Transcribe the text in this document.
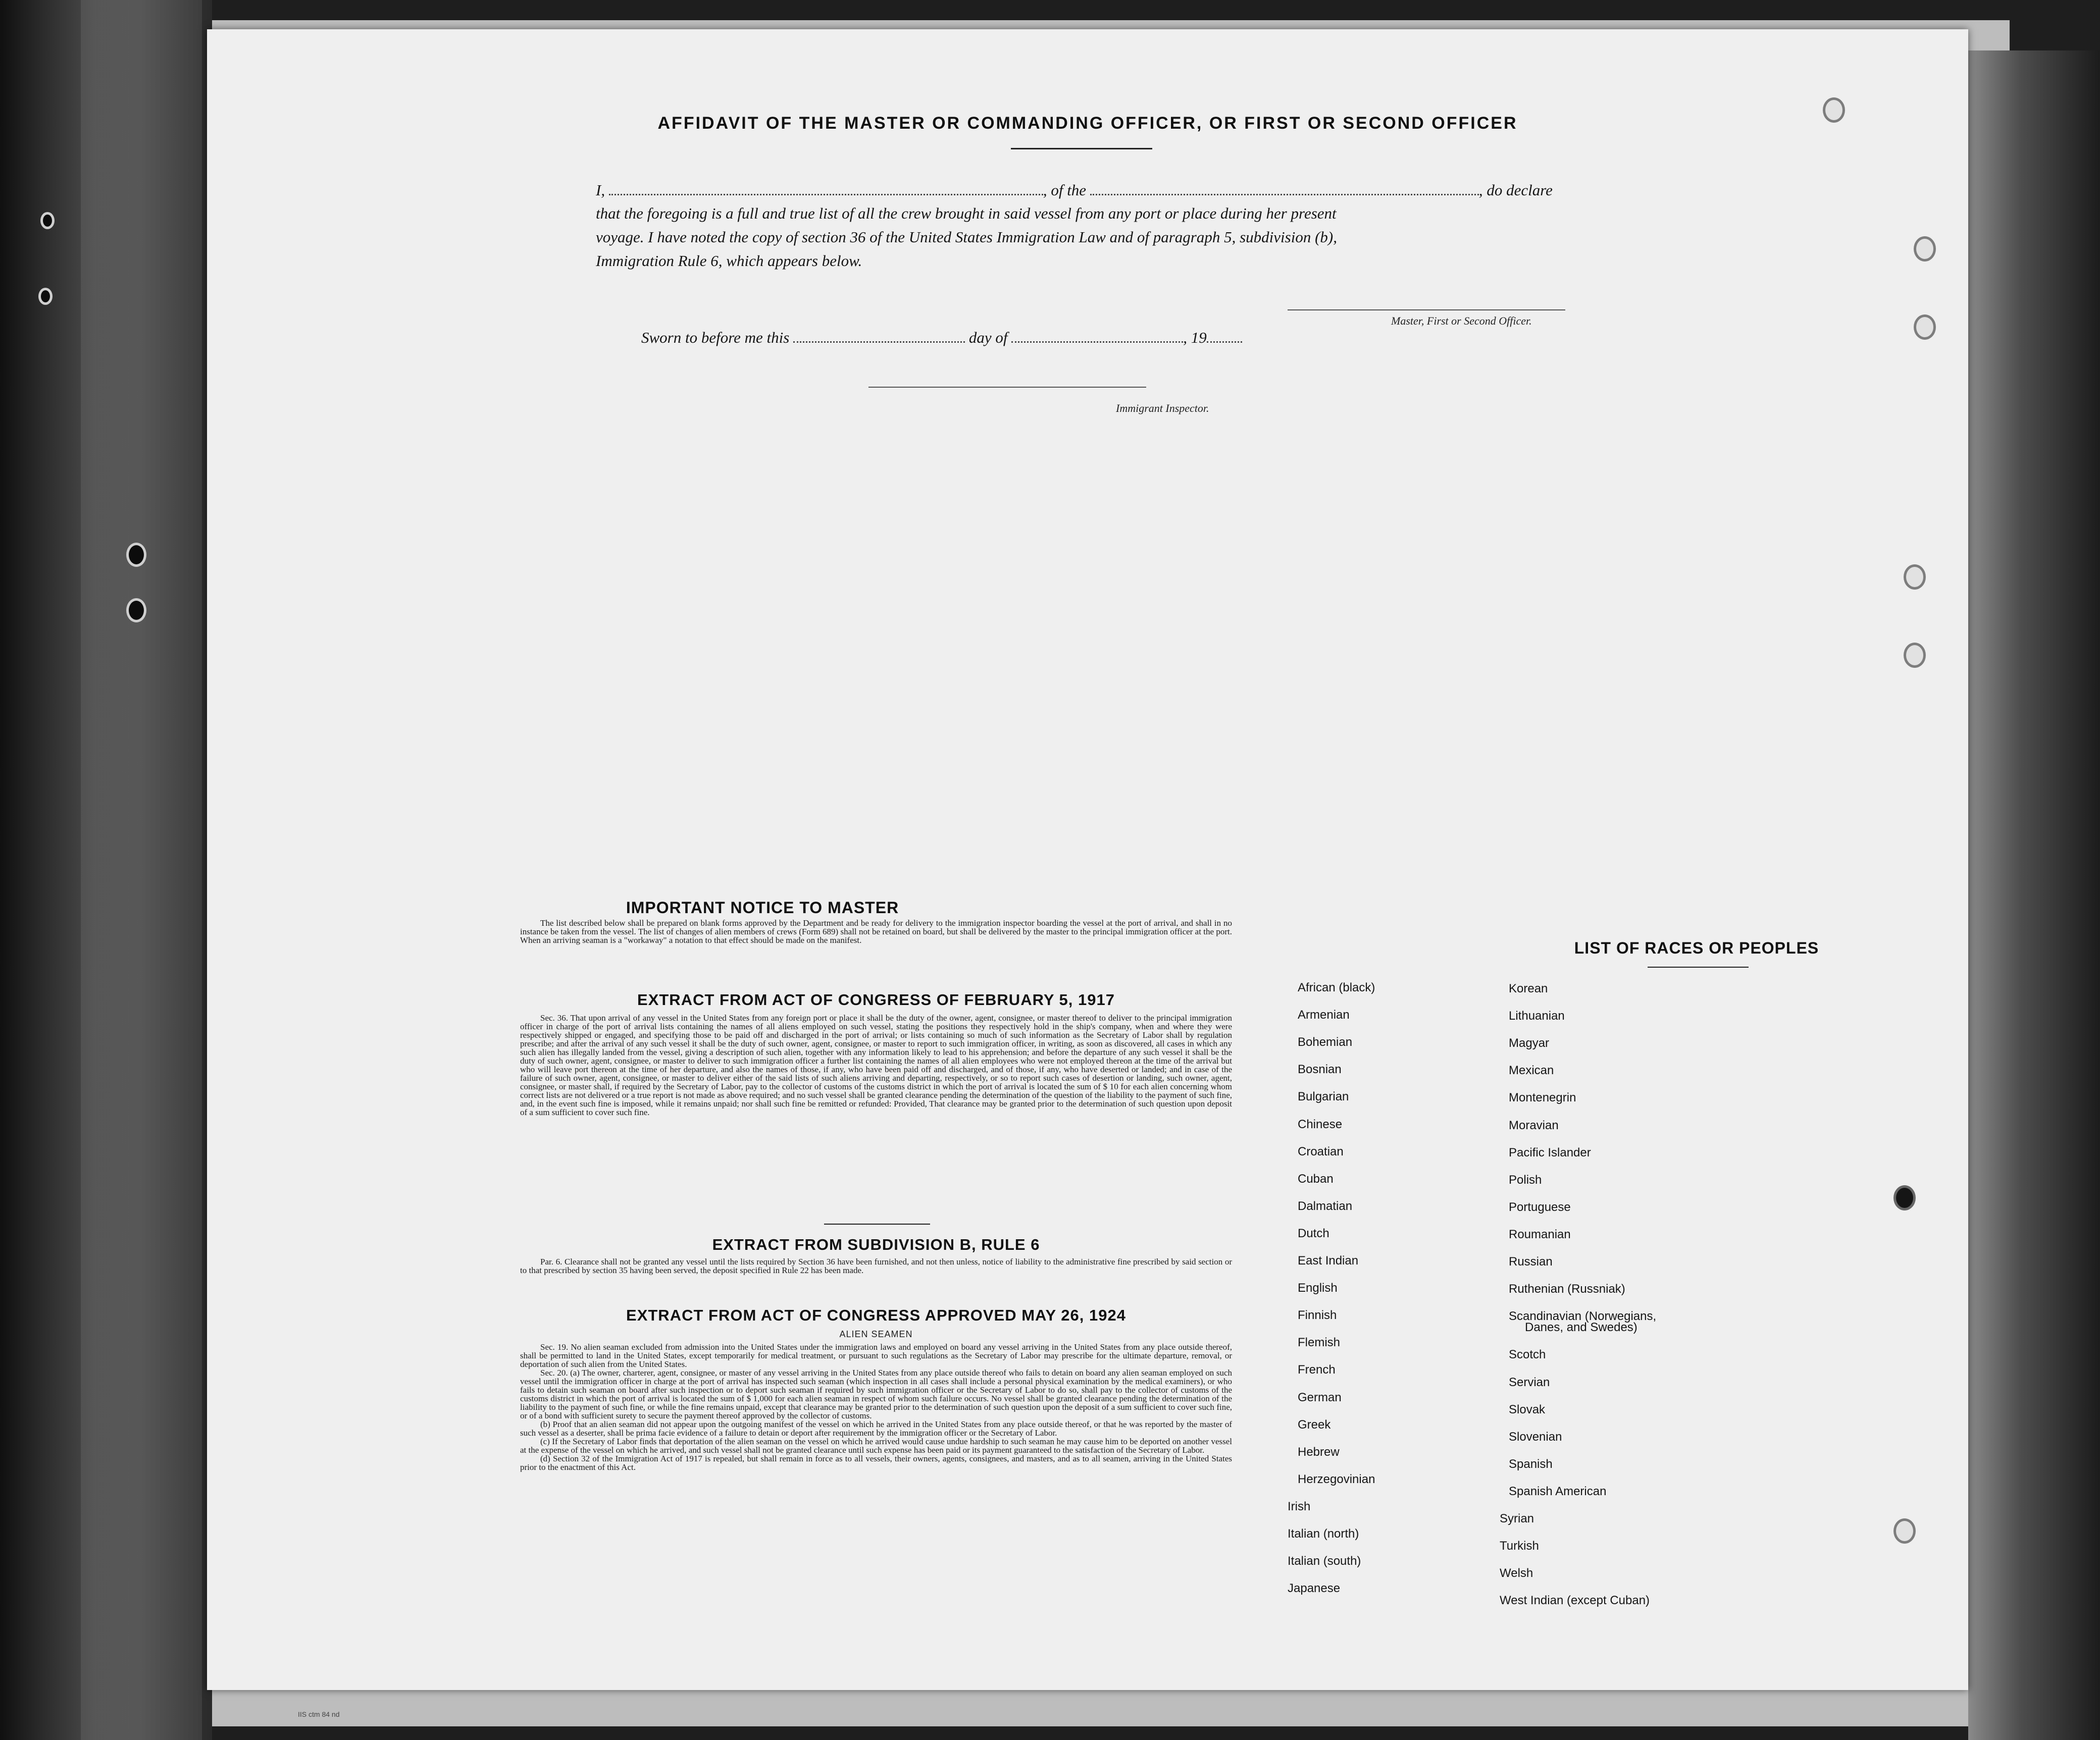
AFFIDAVIT OF THE MASTER OR COMMANDING OFFICER, OR FIRST OR SECOND OFFICER
I,	, of the	, do declare
that the foregoing is a full and true list of all the crew brought in said vessel from any port or place during her present
voyage. I have noted the copy of section 36 of the United States Immigration Law and of paragraph 5, subdivision (b),
Immigration Rule 6, which appears below.
Master, First or Second Officer.
Sworn to before me this	day of	, 19
Immigrant Inspector.
IMPORTANT NOTICE TO MASTER

The list described below shall be prepared on blank forms approved by the Department and be ready for delivery to the immigration inspector boarding the vessel at the port of arrival, and shall in no instance be taken from the vessel. The list of changes of alien members of crews (Form 689) shall not be retained on board, but shall be delivered by the master to the principal immigration officer at the port. When an arriving seaman is a "workaway" a notation to that effect should be made on the manifest.

EXTRACT FROM ACT OF CONGRESS OF FEBRUARY 5, 1917

Sec. 36. That upon arrival of any vessel in the United States from any foreign port or place it shall be the duty of the owner, agent, consignee, or master thereof to deliver to the principal immigration officer in charge of the port of arrival lists containing the names of all aliens employed on such vessel, stating the positions they respectively hold in the ship's company, when and where they were respectively shipped or engaged, and specifying those to be paid off and discharged in the port of arrival; or lists containing so much of such information as the Secretary of Labor shall by regulation prescribe; and after the arrival of any such vessel it shall be the duty of such owner, agent, consignee, or master to report to such immigration officer, in writing, as soon as discovered, all cases in which any such alien has illegally landed from the vessel, giving a description of such alien, together with any information likely to lead to his apprehension; and before the departure of any such vessel it shall be the duty of such owner, agent, consignee, or master to deliver to such immigration officer a further list containing the names of all alien employees who were not employed thereon at the time of the arrival but who will leave port thereon at the time of her departure, and also the names of those, if any, who have been paid off and discharged, and of those, if any, who have deserted or landed; and in case of the failure of such owner, agent, consignee, or master to deliver either of the said lists of such aliens arriving and departing, respectively, or so to report such cases of desertion or landing, such owner, agent, consignee, or master shall, if required by the Secretary of Labor, pay to the collector of customs of the customs district in which the port of arrival is located the sum of $ 10 for each alien concerning whom correct lists are not delivered or a true report is not made as above required; and no such vessel shall be granted clearance pending the determination of the question of the liability to the payment of such fine, and, in the event such fine is imposed, while it remains unpaid; nor shall such fine be remitted or refunded: Provided, That clearance may be granted prior to the determination of such question upon deposit of a sum sufficient to cover such fine.

EXTRACT FROM SUBDIVISION B, RULE 6

Par. 6. Clearance shall not be granted any vessel until the lists required by Section 36 have been furnished, and not then unless, notice of liability to the administrative fine prescribed by said section or to that prescribed by section 35 having been served, the deposit specified in Rule 22 has been made.

EXTRACT FROM ACT OF CONGRESS APPROVED MAY 26, 1924
ALIEN SEAMEN

Sec. 19. No alien seaman excluded from admission into the United States under the immigration laws and employed on board any vessel arriving in the United States from any place outside thereof, shall be permitted to land in the United States, except temporarily for medical treatment, or pursuant to such regulations as the Secretary of Labor may prescribe for the ultimate departure, removal, or deportation of such alien from the United States.

Sec. 20. (a) The owner, charterer, agent, consignee, or master of any vessel arriving in the United States from any place outside thereof who fails to detain on board any alien seaman employed on such vessel until the immigration officer in charge at the port of arrival has inspected such seaman (which inspection in all cases shall include a personal physical examination by the medical examiners), or who fails to detain such seaman on board after such inspection or to deport such seaman if required by such immigration officer or the Secretary of Labor to do so, shall pay to the collector of customs of the customs district in which the port of arrival is located the sum of $ 1,000 for each alien seaman in respect of whom such failure occurs. No vessel shall be granted clearance pending the determination of the liability to the payment of such fine, or while the fine remains unpaid, except that clearance may be granted prior to the determination of such question upon the deposit of a sum sufficient to cover such fine, or of a bond with sufficient surety to secure the payment thereof approved by the collector of customs.

(b) Proof that an alien seaman did not appear upon the outgoing manifest of the vessel on which he arrived in the United States from any place outside thereof, or that he was reported by the master of such vessel as a deserter, shall be prima facie evidence of a failure to detain or deport after requirement by the immigration officer or the Secretary of Labor.

(c) If the Secretary of Labor finds that deportation of the alien seaman on the vessel on which he arrived would cause undue hardship to such seaman he may cause him to be deported on another vessel at the expense of the vessel on which he arrived, and such vessel shall not be granted clearance until such expense has been paid or its payment guaranteed to the satisfaction of the Secretary of Labor.

(d) Section 32 of the Immigration Act of 1917 is repealed, but shall remain in force as to all vessels, their owners, agents, consignees, and masters, and as to all seamen, arriving in the United States prior to the enactment of this Act.

LIST OF RACES OR PEOPLES
IIS ctm 84 nd
African (black)
Armenian
Bohemian
Bosnian
Bulgarian
Chinese
Croatian
Cuban
Dalmatian
Dutch
East Indian
English
Finnish
Flemish
French
German
Greek
Hebrew
Herzegovinian
Irish
Italian (north)
Italian (south)
Japanese
Korean
Lithuanian
Magyar
Mexican
Montenegrin
Moravian
Pacific Islander
Polish
Portuguese
Roumanian
Russian
Ruthenian (Russniak)
Scandinavian (Norwegians,
Danes, and Swedes)
Scotch
Servian
Slovak
Slovenian
Spanish
Spanish American
Syrian
Turkish
Welsh
West Indian (except Cuban)
